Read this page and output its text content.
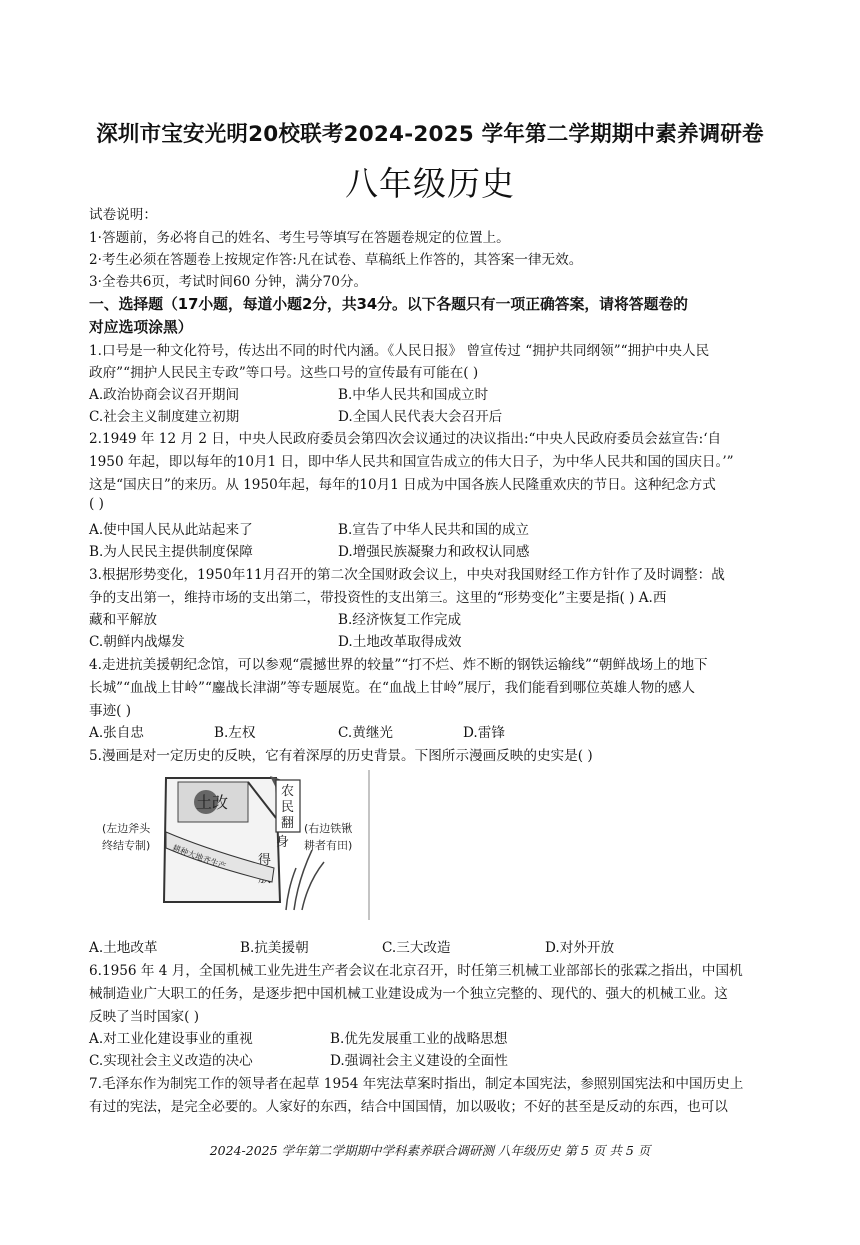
深圳市宝安光明20校联考2024-2025 学年第二学期期中素养调研卷
八年级历史
试卷说明：
1·答题前，务必将自己的姓名、考生号等填写在答题卷规定的位置上。
2·考生必须在答题卷上按规定作答:凡在试卷、草稿纸上作答的，其答案一律无效。
3·全卷共6页，考试时间60 分钟，满分70分。
一、选择题（17小题，每道小题2分，共34分。以下各题只有一项正确答案，请将答题卷的
对应选项涂黑）
1.口号是一种文化符号，传达出不同的时代内涵。《人民日报》 曾宣传过 “拥护共同纲领”“拥护中央人民
政府”“拥护人民民主专政”等口号。这些口号的宣传最有可能在( )
A.政治协商会议召开期间	B.中华人民共和国成立时
C.社会主义制度建立初期	D.全国人民代表大会召开后
2.1949 年 12 月 2 日，中央人民政府委员会第四次会议通过的决议指出:“中央人民政府委员会兹宣告:‘自
1950 年起，即以每年的10月1 日，即中华人民共和国宣告成立的伟大日子，为中华人民共和国的国庆日。’”
这是“国庆日”的来历。从 1950年起，每年的10月1 日成为中国各族人民隆重欢庆的节日。这种纪念方式
( )
A.使中国人民从此站起来了	B.宣告了中华人民共和国的成立
B.为人民民主提供制度保障	D.增强民族凝聚力和政权认同感
3.根据形势变化，1950年11月召开的第二次全国财政会议上，中央对我国财经工作方针作了及时调整：战
争的支出第一，维持市场的支出第二，带投资性的支出第三。这里的“形势变化”主要是指( ) A.西
藏和平解放	B.经济恢复工作完成
C.朝鲜内战爆发	D.土地改革取得成效
4.走进抗美援朝纪念馆，可以参观“震撼世界的较量”“打不烂、炸不断的钢铁运输线”“朝鲜战场上的地下
长城”“血战上甘岭”“鏖战长津湖”等专题展览。在“血战上甘岭”展厅，我们能看到哪位英雄人物的感人
事迹( )
A.张自忠	B.左权	C.黄继光	D.雷锋
5.漫画是对一定历史的反映，它有着深厚的历史背景。下图所示漫画反映的史实是( )
土改
农 民 翻 身 得
耕种大地齐生产
(左边斧头 终结专制) (右边铁锹 耕者有田)
A.土地改革	B.抗美援朝	C.三大改造	D.对外开放
6.1956 年 4 月，全国机械工业先进生产者会议在北京召开，时任第三机械工业部部长的张霖之指出，中国机
械制造业广大职工的任务，是逐步把中国机械工业建设成为一个独立完整的、现代的、强大的机械工业。这
反映了当时国家( )
A.对工业化建设事业的重视	B.优先发展重工业的战略思想
C.实现社会主义改造的决心	D.强调社会主义建设的全面性
7.毛泽东作为制宪工作的领导者在起草 1954 年宪法草案时指出，制定本国宪法，参照别国宪法和中国历史上
有过的宪法，是完全必要的。人家好的东西，结合中国国情，加以吸收；不好的甚至是反动的东西，也可以
2024-2025 学年第二学期期中学科素养联合调研测 八年级历史 第 5 页 共 5 页
